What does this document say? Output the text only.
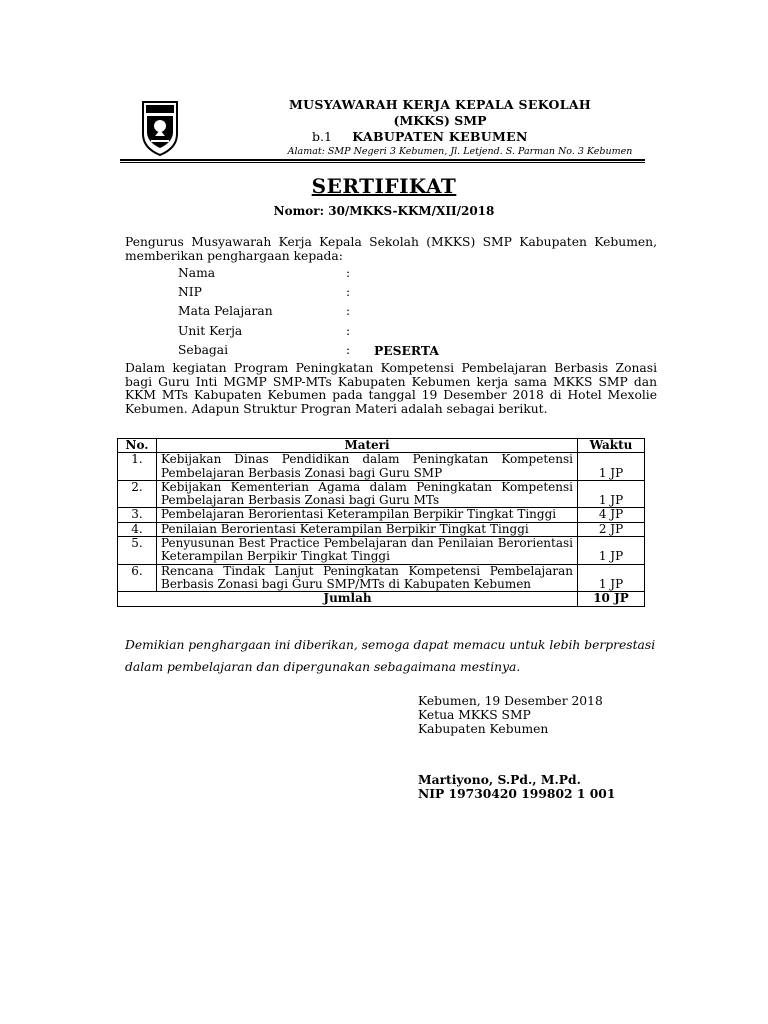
MUSYAWARAH KERJA KEPALA SEKOLAH
(MKKS) SMP
b.1 KABUPATEN KEBUMEN
Alamat: SMP Negeri 3 Kebumen, Jl. Letjend. S. Parman No. 3 Kebumen
SERTIFIKAT
Nomor: 30/MKKS-KKM/XII/2018
Pengurus Musyawarah Kerja Kepala Sekolah (MKKS) SMP Kabupaten Kebumen, memberikan penghargaan kepada:
Nama	:
NIP	:
Mata Pelajaran	:
Unit Kerja	:
Sebagai	: PESERTA
Dalam kegiatan Program Peningkatan Kompetensi Pembelajaran Berbasis Zonasi bagi Guru Inti MGMP SMP-MTs Kabupaten Kebumen kerja sama MKKS SMP dan KKM MTs Kabupaten Kebumen pada tanggal 19 Desember 2018 di Hotel Mexolie Kebumen. Adapun Struktur Progran Materi adalah sebagai berikut.
No.	Materi	Waktu
1.	Kebijakan Dinas Pendidikan dalam Peningkatan Kompetensi Pembelajaran Berbasis Zonasi bagi Guru SMP	1 JP
2.	Kebijakan Kementerian Agama dalam Peningkatan Kompetensi Pembelajaran Berbasis Zonasi bagi Guru MTs	1 JP
3.	Pembelajaran Berorientasi Keterampilan Berpikir Tingkat Tinggi	4 JP
4.	Penilaian Berorientasi Keterampilan Berpikir Tingkat Tinggi	2 JP
5.	Penyusunan Best Practice Pembelajaran dan Penilaian Berorientasi Keterampilan Berpikir Tingkat Tinggi	1 JP
6.	Rencana Tindak Lanjut Peningkatan Kompetensi Pembelajaran Berbasis Zonasi bagi Guru SMP/MTs di Kabupaten Kebumen	1 JP
Jumlah		10 JP
Demikian penghargaan ini diberikan, semoga dapat memacu untuk lebih berprestasi dalam pembelajaran dan dipergunakan sebagaimana mestinya.
Kebumen, 19 Desember 2018
Ketua MKKS SMP
Kabupaten Kebumen
Martiyono, S.Pd., M.Pd.
NIP 19730420 199802 1 001
